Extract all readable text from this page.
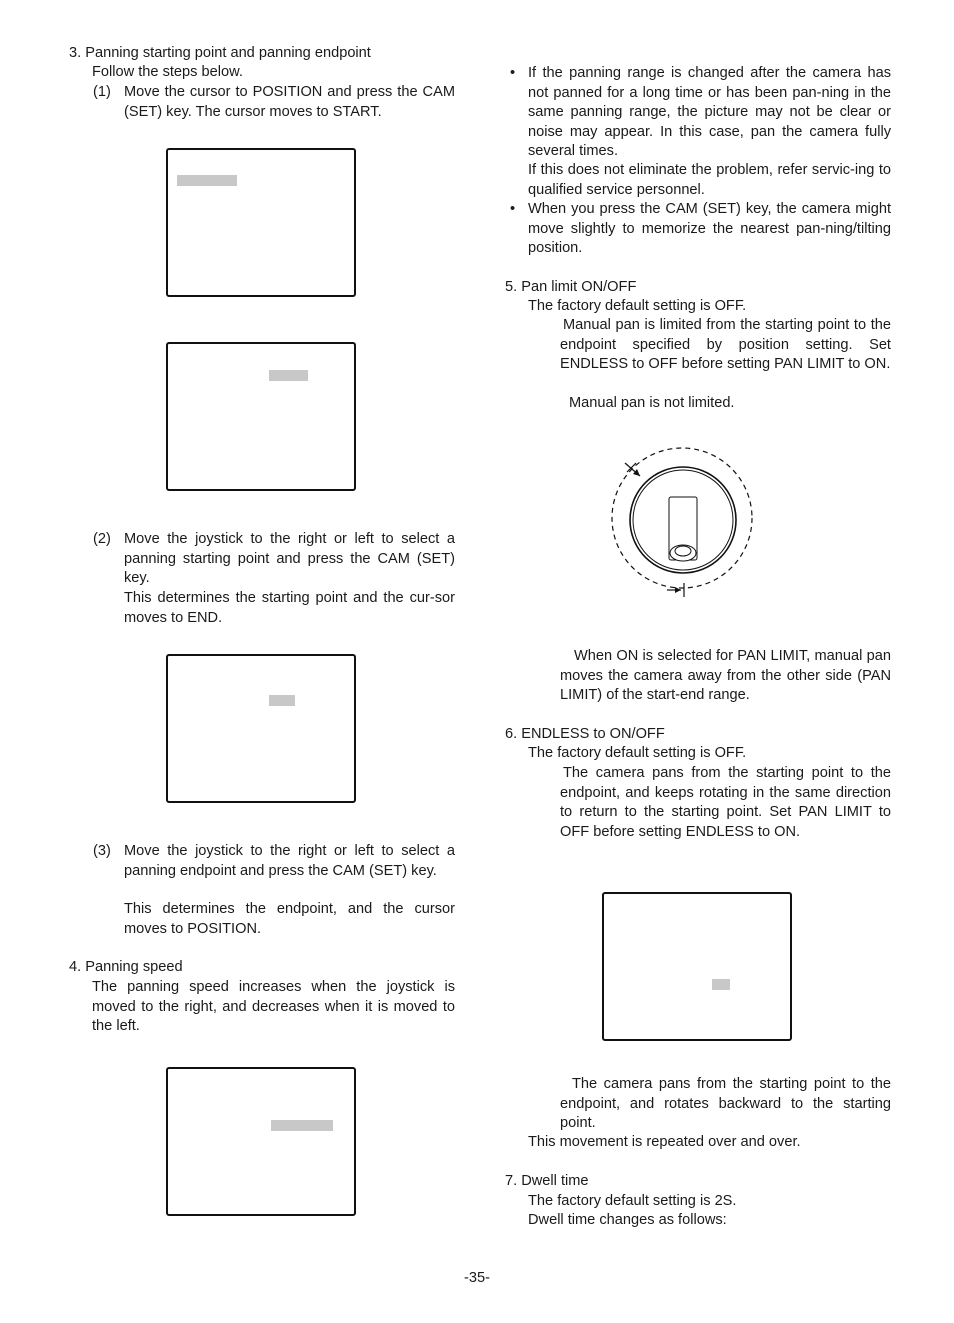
3. Panning starting point and panning endpoint
Follow the steps below.
(1) Move the cursor to POSITION and press the CAM (SET) key. The cursor moves to START.
(2) Move the joystick to the right or left to select a panning starting point and press the CAM (SET) key.
This determines the starting point and the cur-sor moves to END.
(3) Move the joystick to the right or left to select a panning endpoint and press the CAM (SET) key.
This determines the endpoint, and the cursor moves to POSITION.
4. Panning speed
The panning speed increases when the joystick is moved to the right, and decreases when it is moved to the left.
• If the panning range is changed after the camera has not panned for a long time or has been pan-ning in the same panning range, the picture may not be clear or noise may appear. In this case, pan the camera fully several times.
If this does not eliminate the problem, refer servic-ing to qualified service personnel.
• When you press the CAM (SET) key, the camera might move slightly to memorize the nearest pan-ning/tilting position.
5. Pan limit ON/OFF
The factory default setting is OFF.
Manual pan is limited from the starting point to the endpoint specified by position setting. Set ENDLESS to OFF before setting PAN LIMIT to ON.
Manual pan is not limited.
When ON is selected for PAN LIMIT, manual pan moves the camera away from the other side (PAN LIMIT) of the start-end range.
6. ENDLESS to ON/OFF
The factory default setting is OFF.
The camera pans from the starting point to the endpoint, and keeps rotating in the same direction to return to the starting point. Set PAN LIMIT to OFF before setting ENDLESS to ON.
The camera pans from the starting point to the endpoint, and rotates backward to the starting point.
This movement is repeated over and over.
7. Dwell time
The factory default setting is 2S.
Dwell time changes as follows:
-35-
